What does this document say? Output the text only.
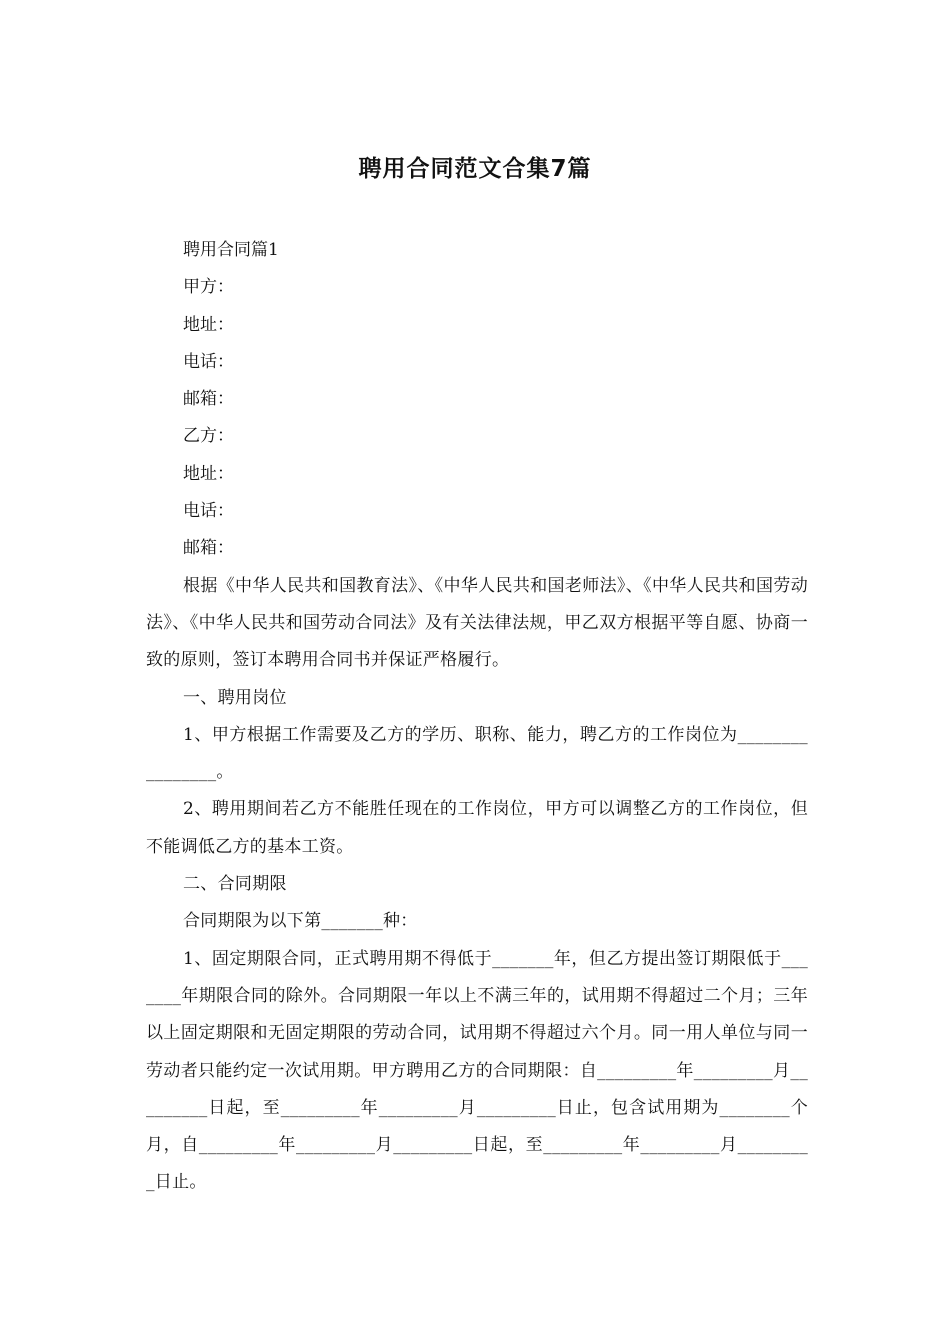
聘用合同范文合集7篇

聘用合同篇1

甲方：

地址：

电话：

邮箱：

乙方：

地址：

电话：

邮箱：

根据《中华人民共和国教育法》、《中华人民共和国老师法》、《中华人民共和国劳动法》、《中华人民共和国劳动合同法》及有关法律法规，甲乙双方根据平等自愿、协商一致的原则，签订本聘用合同书并保证严格履行。

一、聘用岗位

1、甲方根据工作需要及乙方的学历、职称、能力，聘乙方的工作岗位为________________。

2、聘用期间若乙方不能胜任现在的工作岗位，甲方可以调整乙方的工作岗位，但不能调低乙方的基本工资。

二、合同期限

合同期限为以下第_______种：

1、固定期限合同，正式聘用期不得低于_______年，但乙方提出签订期限低于_______年期限合同的除外。合同期限一年以上不满三年的，试用期不得超过二个月；三年以上固定期限和无固定期限的劳动合同，试用期不得超过六个月。同一用人单位与同一劳动者只能约定一次试用期。甲方聘用乙方的合同期限：自_________年_________月_________日起，至_________年_________月_________日止，包含试用期为________个月，自_________年_________月_________日起，至_________年_________月_________日止。
